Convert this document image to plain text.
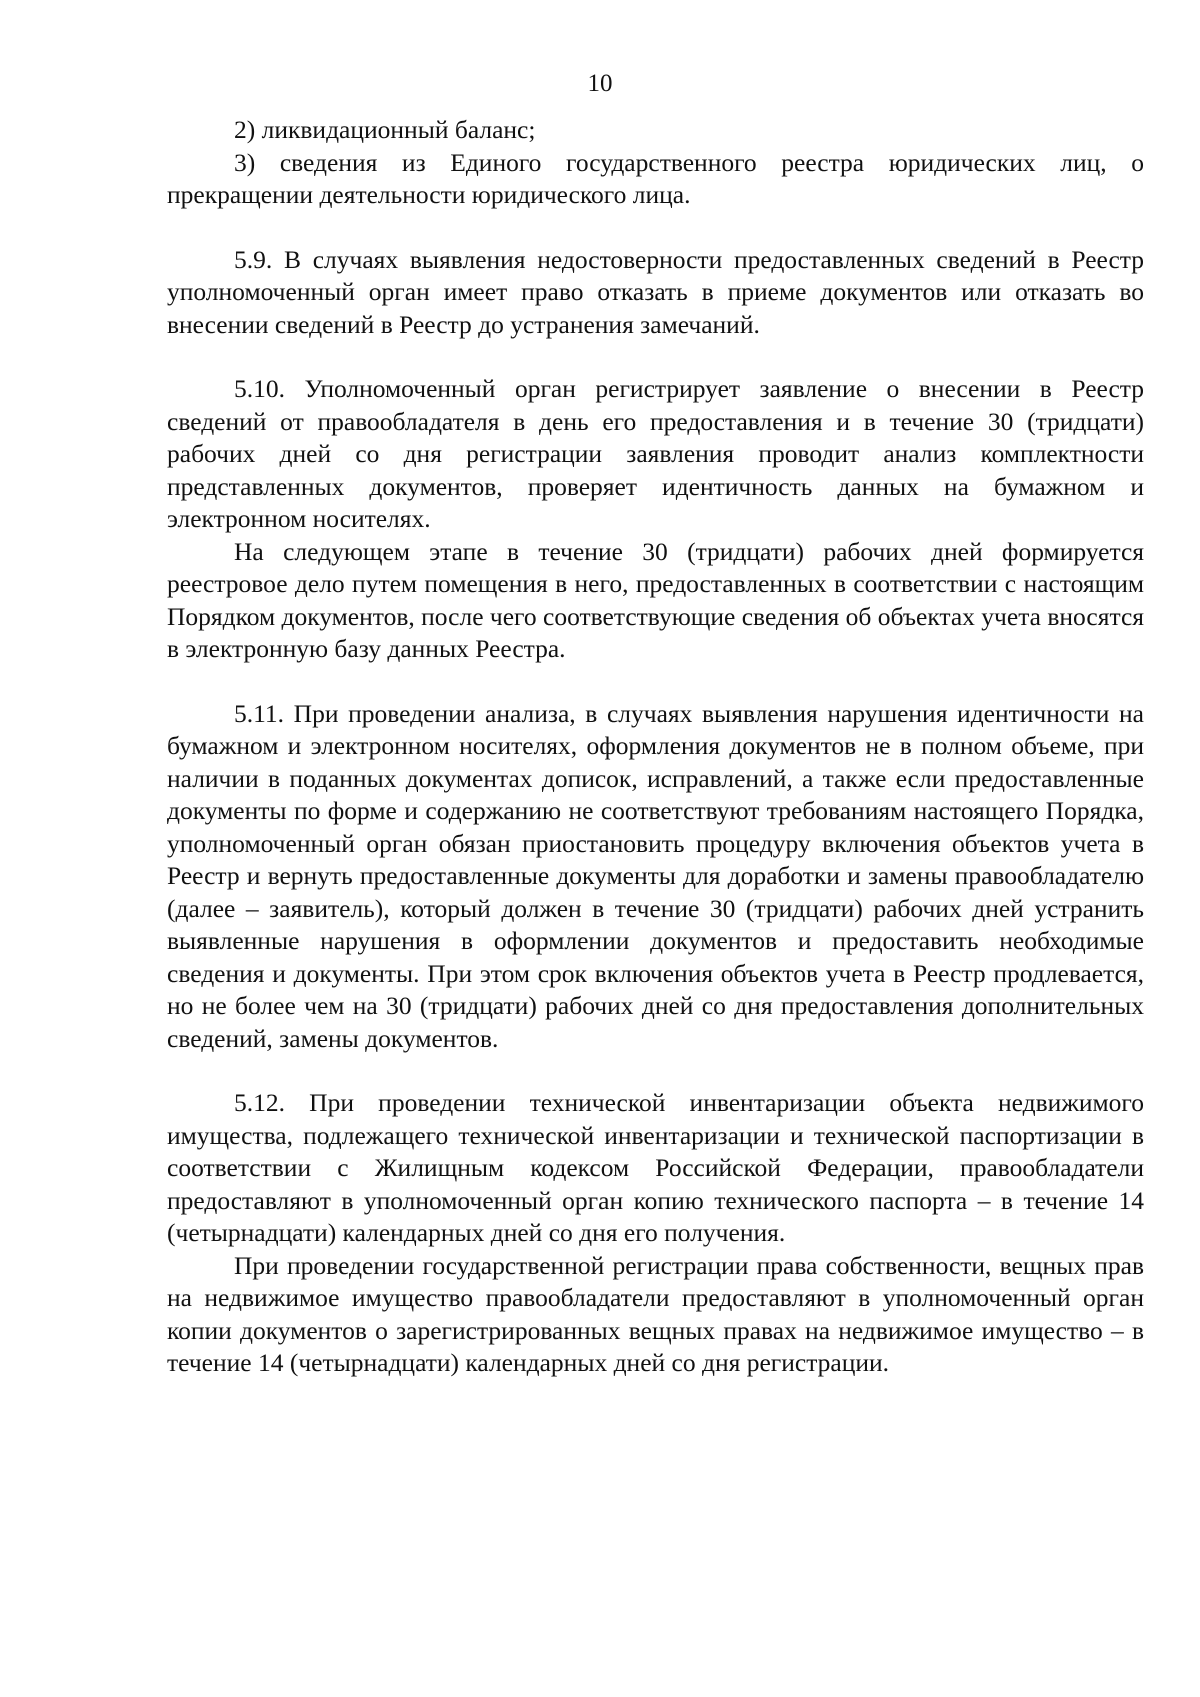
10

2) ликвидационный баланс;

3) сведения из Единого государственного реестра юридических лиц, о прекращении деятельности юридического лица.

5.9. В случаях выявления недостоверности предоставленных сведений в Реестр уполномоченный орган имеет право отказать в приеме документов или отказать во внесении сведений в Реестр до устранения замечаний.

5.10. Уполномоченный орган регистрирует заявление о внесении в Реестр сведений от правообладателя в день его предоставления и в течение 30 (тридцати) рабочих дней со дня регистрации заявления проводит анализ комплектности представленных документов, проверяет идентичность данных на бумажном и электронном носителях.

На следующем этапе в течение 30 (тридцати) рабочих дней формируется реестровое дело путем помещения в него, предоставленных в соответствии с настоящим Порядком документов, после чего соответствующие сведения об объектах учета вносятся в электронную базу данных Реестра.

5.11. При проведении анализа, в случаях выявления нарушения идентичности на бумажном и электронном носителях, оформления документов не в полном объеме, при наличии в поданных документах дописок, исправлений, а также если предоставленные документы по форме и содержанию не соответствуют требованиям настоящего Порядка, уполномоченный орган обязан приостановить процедуру включения объектов учета в Реестр и вернуть предоставленные документы для доработки и замены правообладателю (далее – заявитель), который должен в течение 30 (тридцати) рабочих дней устранить выявленные нарушения в оформлении документов и предоставить необходимые сведения и документы. При этом срок включения объектов учета в Реестр продлевается, но не более чем на 30 (тридцати) рабочих дней со дня предоставления дополнительных сведений, замены документов.

5.12. При проведении технической инвентаризации объекта недвижимого имущества, подлежащего технической инвентаризации и технической паспортизации в соответствии с Жилищным кодексом Российской Федерации, правообладатели предоставляют в уполномоченный орган копию технического паспорта – в течение 14 (четырнадцати) календарных дней со дня его получения.

При проведении государственной регистрации права собственности, вещных прав на недвижимое имущество правообладатели предоставляют в уполномоченный орган копии документов о зарегистрированных вещных правах на недвижимое имущество – в течение 14 (четырнадцати) календарных дней со дня регистрации.
